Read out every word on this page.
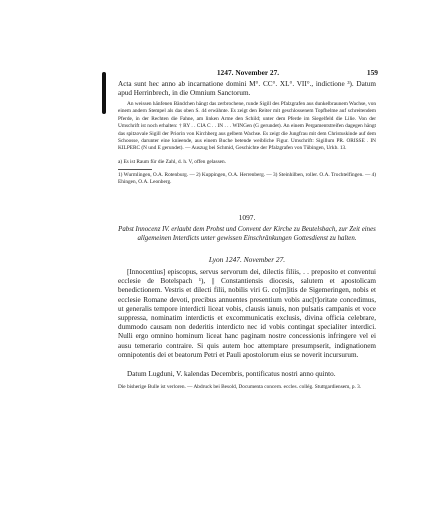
1247. November 27.	159

Acta sunt hec anno ab incarnatione domini M°. CC°. XL°. VII°., indictione ³). Datum apud Herrinbrech, in die Omnium Sanctorum.

An weissen hänfenen Bändchen hängt das zerbrochene, runde Sigill des Pfalzgrafen aus dunkelbraunem Wachse, von einem andern Stempel als das oben S. 44 erwähnte. Es zeigt den Reiter mit geschlossenem Topfhelme auf schreitendem Pferde, in der Rechten die Fahne, am linken Arme den Schild; unter dem Pferde im Siegelfeld die Lilie. Von der Umschrift ist noch erhalten: † RY . . CIA C . . IN . . . WINGen (G gerundet). An einem Pergamentstreifen dagegen hängt das spitzovale Sigill der Priorin von Kirchberg aus gelbem Wachse. Es zeigt die Jungfrau mit dem Christuskinde auf dem Schoosse, darunter eine knieende, aus einem Buche betende weibliche Figur. Umschrift: Sigillum PR. ORISSE . IN KILPERC (N und E gerundet). — Auszug bei Schmid, Geschichte der Pfalzgrafen von Tübingen, Urkb. 13.

a) Es ist Raum für die Zahl, d. h. V, offen gelassen.

1) Wurmlingen, O.A. Rotenburg. — 2) Kuppingen, O.A. Herrenberg. — 3) Steinhilben, roller. O.A. Trochtelfingen. — 4) Ehingen, O.A. Leonberg.

1097.
Pabst Innocenz IV. erlaubt dem Probst und Convent der Kirche zu Beutelsbach, zur Zeit eines allgemeinen Interdicts unter gewissen Einschränkungen Gottesdienst zu halten.
Lyon 1247. November 27.

[Innocentius] episcopus, servus servorum dei, dilectis filiis, . . preposito et conventui ecclesie de Botelspach ¹), || Constantiensis diocesis, salutem et apostolicam benedictionem. Vestris et dilecti filii, nobilis viri G. co[m]itis de Sigemeringen, nobis et ecclesie Romane devoti, precibus annuentes presentium vobis auc[t]oritate concedimus, ut generalis tempore interdicti liceat vobis, clausis ianuis, non pulsatis campanis et voce suppressa, nominatim interdictis et excommunicatis exclusis, divina officia celebrare, dummodo causam non dederitis interdicto nec id vobis contingat specialiter interdici. Nulli ergo omnino hominum liceat hanc paginam nostre concessionis infringere vel ei ausu temerario contraire. Si quis autem hoc attemptare presumpserit, indignationem omnipotentis dei et beatorum Petri et Pauli apostolorum eius se noverit incursurum.

Datum Lugduni, V. kalendas Decembris, pontificatus nostri anno quinto.

Die bisherige Bulle ist verloren. — Abdruck bei Besold, Documenta concern. eccles. collég. Stuttgardiensem, p. 3.
